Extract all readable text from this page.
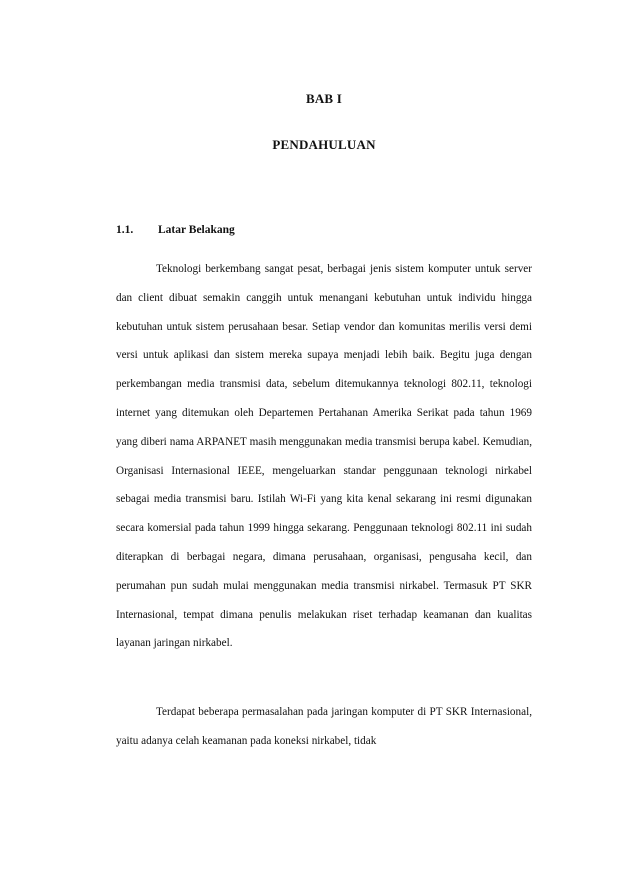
BAB I
PENDAHULUAN
1.1. Latar Belakang

Teknologi berkembang sangat pesat, berbagai jenis sistem komputer untuk server dan client dibuat semakin canggih untuk menangani kebutuhan untuk individu hingga kebutuhan untuk sistem perusahaan besar. Setiap vendor dan komunitas merilis versi demi versi untuk aplikasi dan sistem mereka supaya menjadi lebih baik. Begitu juga dengan perkembangan media transmisi data, sebelum ditemukannya teknologi 802.11, teknologi internet yang ditemukan oleh Departemen Pertahanan Amerika Serikat pada tahun 1969 yang diberi nama ARPANET masih menggunakan media transmisi berupa kabel. Kemudian, Organisasi Internasional IEEE, mengeluarkan standar penggunaan teknologi nirkabel sebagai media transmisi baru. Istilah Wi-Fi yang kita kenal sekarang ini resmi digunakan secara komersial pada tahun 1999 hingga sekarang. Penggunaan teknologi 802.11 ini sudah diterapkan di berbagai negara, dimana perusahaan, organisasi, pengusaha kecil, dan perumahan pun sudah mulai menggunakan media transmisi nirkabel. Termasuk PT SKR Internasional, tempat dimana penulis melakukan riset terhadap keamanan dan kualitas layanan jaringan nirkabel.

Terdapat beberapa permasalahan pada jaringan komputer di PT SKR Internasional, yaitu adanya celah keamanan pada koneksi nirkabel, tidak
